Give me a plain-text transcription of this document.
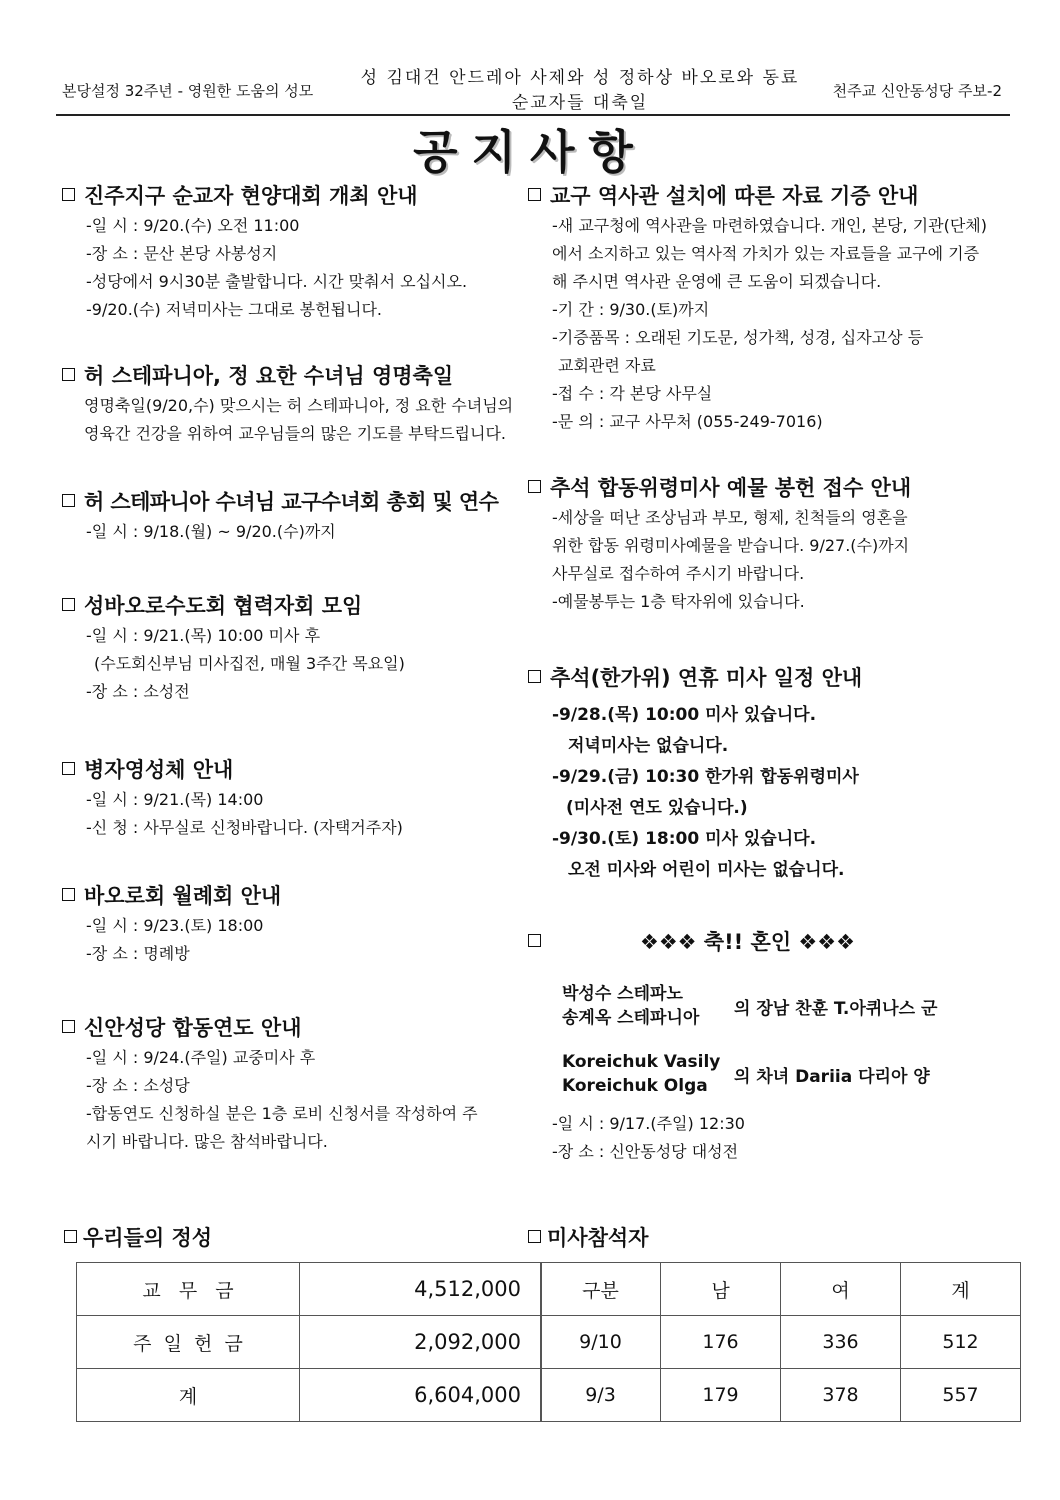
본당설정 32주년 - 영원한 도움의 성모
성 김대건 안드레아 사제와 성 정하상 바오로와 동료
순교자들 대축일
천주교 신안동성당 주보-2
공지사항
진주지구 순교자 현양대회 개최 안내
-일 시 : 9/20.(수) 오전 11:00
-장 소 : 문산 본당 사봉성지
-성당에서 9시30분 출발합니다. 시간 맞춰서 오십시오.
-9/20.(수) 저녁미사는 그대로 봉헌됩니다.
허 스테파니아, 정 요한 수녀님 영명축일
영명축일(9/20,수) 맞으시는 허 스테파니아, 정 요한 수녀님의
영육간 건강을 위하여 교우님들의 많은 기도를 부탁드립니다.
허 스테파니아 수녀님 교구수녀회 총회 및 연수
-일 시 : 9/18.(월) ~ 9/20.(수)까지
성바오로수도회 협력자회 모임
-일 시 : 9/21.(목) 10:00 미사 후
(수도회신부님 미사집전, 매월 3주간 목요일)
-장 소 : 소성전
병자영성체 안내
-일 시 : 9/21.(목) 14:00
-신 청 : 사무실로 신청바랍니다. (자택거주자)
바오로회 월례회 안내
-일 시 : 9/23.(토) 18:00
-장 소 : 명례방
신안성당 합동연도 안내
-일 시 : 9/24.(주일) 교중미사 후
-장 소 : 소성당
-합동연도 신청하실 분은 1층 로비 신청서를 작성하여 주
시기 바랍니다. 많은 참석바랍니다.
교구 역사관 설치에 따른 자료 기증 안내
-새 교구청에 역사관을 마련하였습니다. 개인, 본당, 기관(단체)
에서 소지하고 있는 역사적 가치가 있는 자료들을 교구에 기증
해 주시면 역사관 운영에 큰 도움이 되겠습니다.
-기 간 : 9/30.(토)까지
-기증품목 : 오래된 기도문, 성가책, 성경, 십자고상 등
교회관련 자료
-접 수 : 각 본당 사무실
-문 의 : 교구 사무처 (055-249-7016)
추석 합동위령미사 예물 봉헌 접수 안내
-세상을 떠난 조상님과 부모, 형제, 친척들의 영혼을
위한 합동 위령미사예물을 받습니다. 9/27.(수)까지
사무실로 접수하여 주시기 바랍니다.
-예물봉투는 1층 탁자위에 있습니다.
추석(한가위) 연휴 미사 일정 안내
-9/28.(목) 10:00 미사 있습니다.
저녁미사는 없습니다.
-9/29.(금) 10:30 한가위 합동위령미사
(미사전 연도 있습니다.)
-9/30.(토) 18:00 미사 있습니다.
오전 미사와 어린이 미사는 없습니다.
❖❖❖ 축!! 혼인 ❖❖❖
박성수 스테파노
송계옥 스테파니아	의 장남 찬훈 T.아퀴나스 군
Koreichuk Vasily
Koreichuk Olga	의 차녀 Dariia 다리아 양
-일 시 : 9/17.(주일) 12:30
-장 소 : 신안동성당 대성전
우리들의 정성
교   무   금	4,512,000
주  일  헌  금	2,092,000
계	6,604,000
미사참석자
구분	남	여	계
9/10	176	336	512
9/3	179	378	557
